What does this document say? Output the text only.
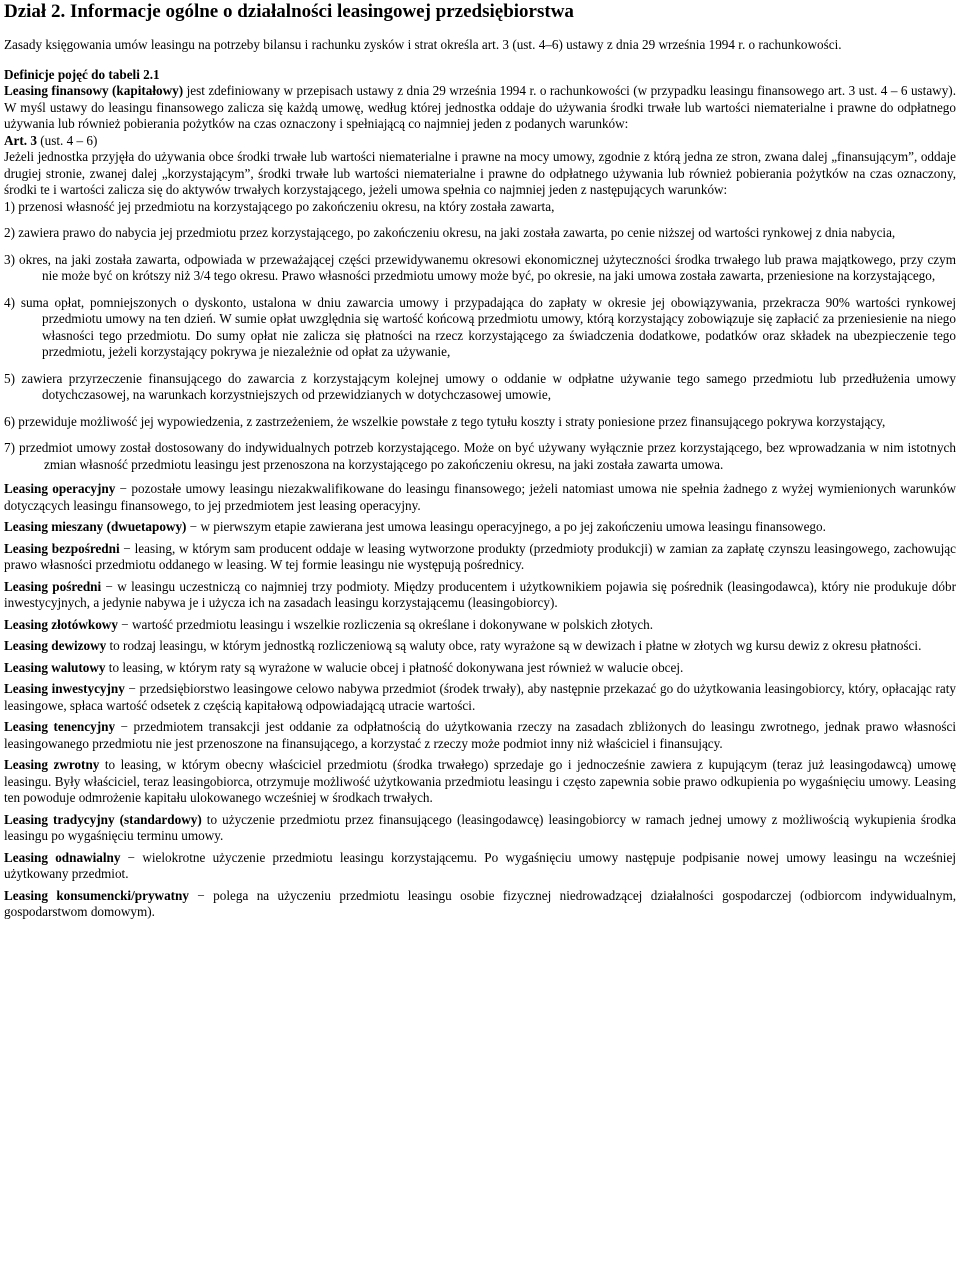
Dział 2. Informacje ogólne o działalności leasingowej przedsiębiorstwa

Zasady księgowania umów leasingu na potrzeby bilansu i rachunku zysków i strat określa art. 3 (ust. 4–6) ustawy z dnia 29 września 1994 r. o rachunkowości.

Definicje pojęć do tabeli 2.1

Leasing finansowy (kapitałowy) jest zdefiniowany w przepisach ustawy z dnia 29 września 1994 r. o rachunkowości (w przypadku leasingu finansowego art. 3 ust. 4 – 6 ustawy). W myśl ustawy do leasingu finansowego zalicza się każdą umowę, według której jednostka oddaje do używania środki trwałe lub wartości niematerialne i prawne do odpłatnego używania lub również pobierania pożytków na czas oznaczony i spełniającą co najmniej jeden z podanych warunków:

Art. 3 (ust. 4 – 6)

Jeżeli jednostka przyjęła do używania obce środki trwałe lub wartości niematerialne i prawne na mocy umowy, zgodnie z którą jedna ze stron, zwana dalej „finansującym”, oddaje drugiej stronie, zwanej dalej „korzystającym”, środki trwałe lub wartości niematerialne i prawne do odpłatnego używania lub również pobierania pożytków na czas oznaczony, środki te i wartości zalicza się do aktywów trwałych korzystającego, jeżeli umowa spełnia co najmniej jeden z następujących warunków:

1) przenosi własność jej przedmiotu na korzystającego po zakończeniu okresu, na który została zawarta,
2) zawiera prawo do nabycia jej przedmiotu przez korzystającego, po zakończeniu okresu, na jaki została zawarta, po cenie niższej od wartości rynkowej z dnia nabycia,
3) okres, na jaki została zawarta, odpowiada w przeważającej części przewidywanemu okresowi ekonomicznej użyteczności środka trwałego lub prawa majątkowego, przy czym nie może być on krótszy niż 3/4 tego okresu. Prawo własności przedmiotu umowy może być, po okresie, na jaki umowa została zawarta, przeniesione na korzystającego,
4) suma opłat, pomniejszonych o dyskonto, ustalona w dniu zawarcia umowy i przypadająca do zapłaty w okresie jej obowiązywania, przekracza 90% wartości rynkowej przedmiotu umowy na ten dzień. W sumie opłat uwzględnia się wartość końcową przedmiotu umowy, którą korzystający zobowiązuje się zapłacić za przeniesienie na niego własności tego przedmiotu. Do sumy opłat nie zalicza się płatności na rzecz korzystającego za świadczenia dodatkowe, podatków oraz składek na ubezpieczenie tego przedmiotu, jeżeli korzystający pokrywa je niezależnie od opłat za używanie,
5) zawiera przyrzeczenie finansującego do zawarcia z korzystającym kolejnej umowy o oddanie w odpłatne używanie tego samego przedmiotu lub przedłużenia umowy dotychczasowej, na warunkach korzystniejszych od przewidzianych w dotychczasowej umowie,
6) przewiduje możliwość jej wypowiedzenia, z zastrzeżeniem, że wszelkie powstałe z tego tytułu koszty i straty poniesione przez finansującego pokrywa korzystający,
7) przedmiot umowy został dostosowany do indywidualnych potrzeb korzystającego. Może on być używany wyłącznie przez korzystającego, bez wprowadzania w nim istotnych zmian własność przedmiotu leasingu jest przenoszona na korzystającego po zakończeniu okresu, na jaki została zawarta umowa.

Leasing operacyjny − pozostałe umowy leasingu niezakwalifikowane do leasingu finansowego; jeżeli natomiast umowa nie spełnia żadnego z wyżej wymienionych warunków dotyczących leasingu finansowego, to jej przedmiotem jest leasing operacyjny.

Leasing mieszany (dwuetapowy) − w pierwszym etapie zawierana jest umowa leasingu operacyjnego, a po jej zakończeniu umowa leasingu finansowego.

Leasing bezpośredni − leasing, w którym sam producent oddaje w leasing wytworzone produkty (przedmioty produkcji) w zamian za zapłatę czynszu leasingowego, zachowując prawo własności przedmiotu oddanego w leasing. W tej formie leasingu nie występują pośrednicy.

Leasing pośredni − w leasingu uczestniczą co najmniej trzy podmioty. Między producentem i użytkownikiem pojawia się pośrednik (leasingodawca), który nie produkuje dóbr inwestycyjnych, a jedynie nabywa je i użycza ich na zasadach leasingu korzystającemu (leasingobiorcy).

Leasing złotówkowy − wartość przedmiotu leasingu i wszelkie rozliczenia są określane i dokonywane w polskich złotych.

Leasing dewizowy to rodzaj leasingu, w którym jednostką rozliczeniową są waluty obce, raty wyrażone są w dewizach i płatne w złotych wg kursu dewiz z okresu płatności.

Leasing walutowy to leasing, w którym raty są wyrażone w walucie obcej i płatność dokonywana jest również w walucie obcej.

Leasing inwestycyjny − przedsiębiorstwo leasingowe celowo nabywa przedmiot (środek trwały), aby następnie przekazać go do użytkowania leasingobiorcy, który, opłacając raty leasingowe, spłaca wartość odsetek z częścią kapitałową odpowiadającą utracie wartości.

Leasing tenencyjny − przedmiotem transakcji jest oddanie za odpłatnością do użytkowania rzeczy na zasadach zbliżonych do leasingu zwrotnego, jednak prawo własności leasingowanego przedmiotu nie jest przenoszone na finansującego, a korzystać z rzeczy może podmiot inny niż właściciel i finansujący.

Leasing zwrotny to leasing, w którym obecny właściciel przedmiotu (środka trwałego) sprzedaje go i jednocześnie zawiera z kupującym (teraz już leasingodawcą) umowę leasingu. Były właściciel, teraz leasingobiorca, otrzymuje możliwość użytkowania przedmiotu leasingu i często zapewnia sobie prawo odkupienia po wygaśnięciu umowy. Leasing ten powoduje odmrożenie kapitału ulokowanego wcześniej w środkach trwałych.

Leasing tradycyjny (standardowy) to użyczenie przedmiotu przez finansującego (leasingodawcę) leasingobiorcy w ramach jednej umowy z możliwością wykupienia środka leasingu po wygaśnięciu terminu umowy.

Leasing odnawialny − wielokrotne użyczenie przedmiotu leasingu korzystającemu. Po wygaśnięciu umowy następuje podpisanie nowej umowy leasingu na wcześniej użytkowany przedmiot.

Leasing konsumencki/prywatny − polega na użyczeniu przedmiotu leasingu osobie fizycznej niedrowadzącej działalności gospodarczej (odbiorcom indywidualnym, gospodarstwom domowym).
